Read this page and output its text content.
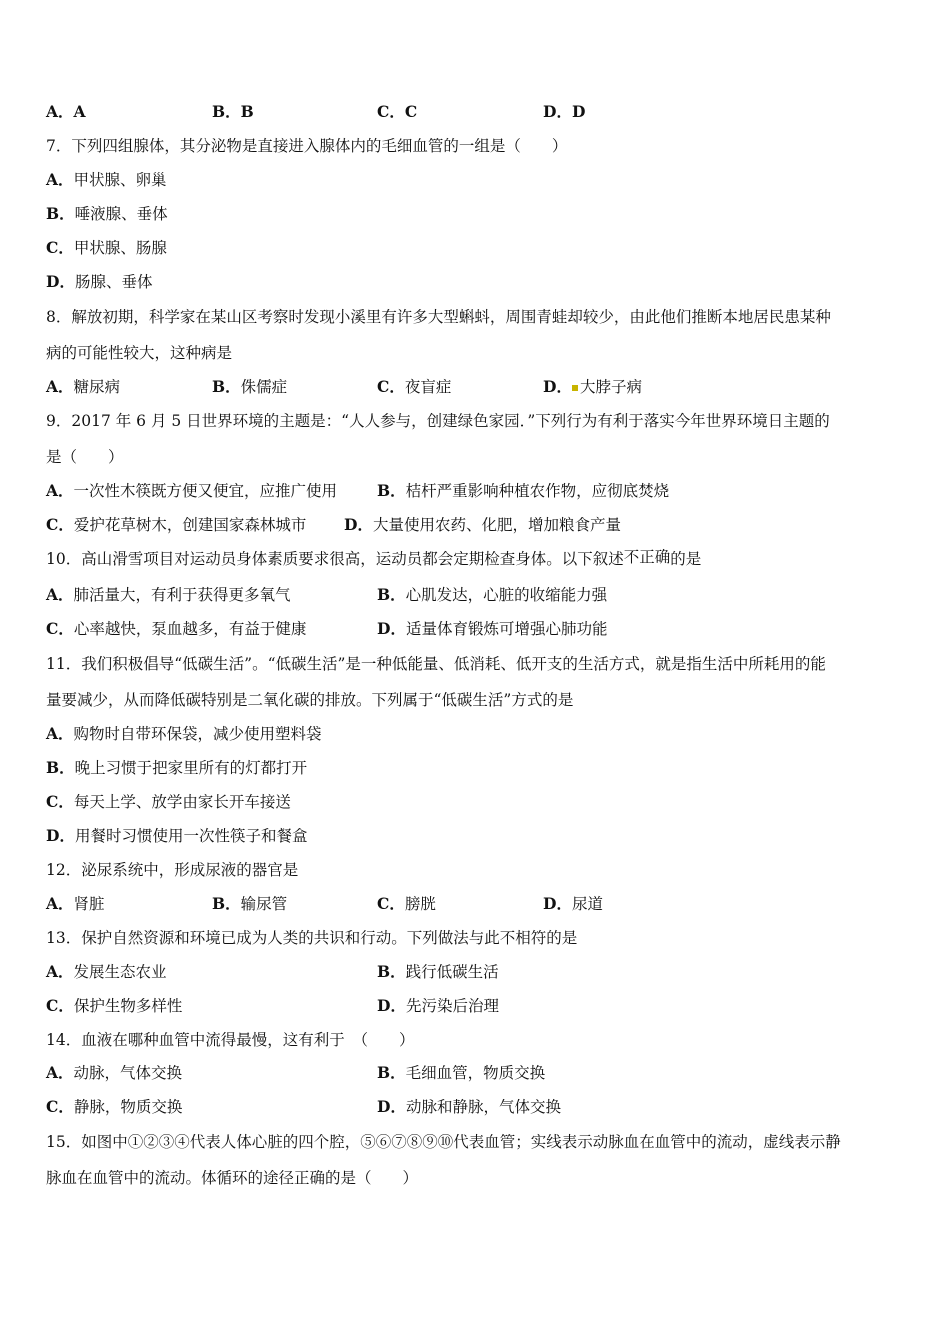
A．A	B．B	C．C	D．D
7．下列四组腺体，其分泌物是直接进入腺体内的毛细血管的一组是（　　）
A．甲状腺、卵巢
B．唾液腺、垂体
C．甲状腺、肠腺
D．肠腺、垂体
8．解放初期，科学家在某山区考察时发现小溪里有许多大型蝌蚪，周围青蛙却较少，由此他们推断本地居民患某种
病的可能性较大，这种病是
A．糖尿病	B．侏儒症	C．夜盲症	D． 大脖子病
9．2017 年 6 月 5 日世界环境的主题是：“人人参与，创建绿色家园．”下列行为有利于落实今年世界环境日主题的
是（　　）
A．一次性木筷既方便又便宜，应推广使用	B．桔杆严重影响种植农作物，应彻底焚烧
C．爱护花草树木，创建国家森林城市 D．大量使用农药、化肥，增加粮食产量
10．高山滑雪项目对运动员身体素质要求很高，运动员都会定期检查身体。以下叙述不正确的是
A．肺活量大，有利于获得更多氧气	B．心肌发达，心脏的收缩能力强
C．心率越快，泵血越多，有益于健康	D．适量体育锻炼可增强心肺功能
11．我们积极倡导“低碳生活”。“低碳生活”是一种低能量、低消耗、低开支的生活方式，就是指生活中所耗用的能
量要减少，从而降低碳特别是二氧化碳的排放。下列属于“低碳生活”方式的是
A．购物时自带环保袋，减少使用塑料袋
B．晚上习惯于把家里所有的灯都打开
C．每天上学、放学由家长开车接送
D．用餐时习惯使用一次性筷子和餐盒
12．泌尿系统中，形成尿液的器官是
A．肾脏	B．输尿管	C．膀胱	D．尿道
13．保护自然资源和环境已成为人类的共识和行动。下列做法与此不相符的是
A．发展生态农业	B．践行低碳生活
C．保护生物多样性	D．先污染后治理
14．血液在哪种血管中流得最慢，这有利于　（　　）
A．动脉，气体交换	B．毛细血管，物质交换
C．静脉，物质交换	D．动脉和静脉，气体交换
15．如图中①②③④代表人体心脏的四个腔，⑤⑥⑦⑧⑨⑩代表血管；实线表示动脉血在血管中的流动，虚线表示静
脉血在血管中的流动。体循环的途径正确的是（　　）
